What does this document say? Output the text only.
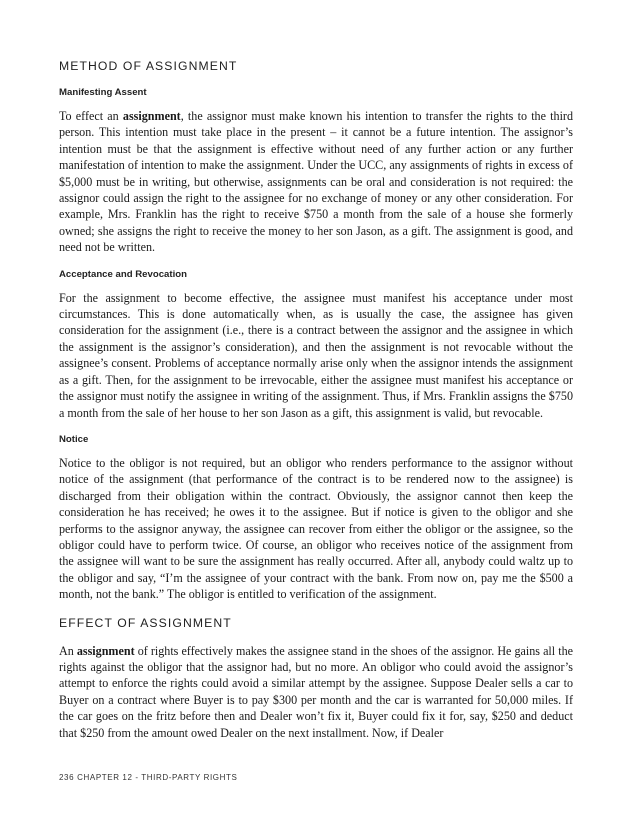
METHOD OF ASSIGNMENT
Manifesting Assent

To effect an assignment, the assignor must make known his intention to transfer the rights to the third person. This intention must take place in the present – it cannot be a future intention. The assignor’s intention must be that the assignment is effective without need of any further action or any further manifestation of intention to make the assignment. Under the UCC, any assignments of rights in excess of $5,000 must be in writing, but otherwise, assignments can be oral and consideration is not required: the assignor could assign the right to the assignee for no exchange of money or any other consideration. For example, Mrs. Franklin has the right to receive $750 a month from the sale of a house she formerly owned; she assigns the right to receive the money to her son Jason, as a gift. The assignment is good, and need not be written.

Acceptance and Revocation

For the assignment to become effective, the assignee must manifest his acceptance under most circumstances. This is done automatically when, as is usually the case, the assignee has given consideration for the assignment (i.e., there is a contract between the assignor and the assignee in which the assignment is the assignor’s consideration), and then the assignment is not revocable without the assignee’s consent. Problems of acceptance normally arise only when the assignor intends the assignment as a gift. Then, for the assignment to be irrevocable, either the assignee must manifest his acceptance or the assignor must notify the assignee in writing of the assignment. Thus, if Mrs. Franklin assigns the $750 a month from the sale of her house to her son Jason as a gift, this assignment is valid, but revocable.

Notice

Notice to the obligor is not required, but an obligor who renders performance to the assignor without notice of the assignment (that performance of the contract is to be rendered now to the assignee) is discharged from their obligation within the contract. Obviously, the assignor cannot then keep the consideration he has received; he owes it to the assignee. But if notice is given to the obligor and she performs to the assignor anyway, the assignee can recover from either the obligor or the assignee, so the obligor could have to perform twice. Of course, an obligor who receives notice of the assignment from the assignee will want to be sure the assignment has really occurred. After all, anybody could waltz up to the obligor and say, “I’m the assignee of your contract with the bank. From now on, pay me the $500 a month, not the bank.” The obligor is entitled to verification of the assignment.

EFFECT OF ASSIGNMENT

An assignment of rights effectively makes the assignee stand in the shoes of the assignor. He gains all the rights against the obligor that the assignor had, but no more. An obligor who could avoid the assignor’s attempt to enforce the rights could avoid a similar attempt by the assignee. Suppose Dealer sells a car to Buyer on a contract where Buyer is to pay $300 per month and the car is warranted for 50,000 miles. If the car goes on the fritz before then and Dealer won’t fix it, Buyer could fix it for, say, $250 and deduct that $250 from the amount owed Dealer on the next installment. Now, if Dealer

236 CHAPTER 12 - THIRD-PARTY RIGHTS
